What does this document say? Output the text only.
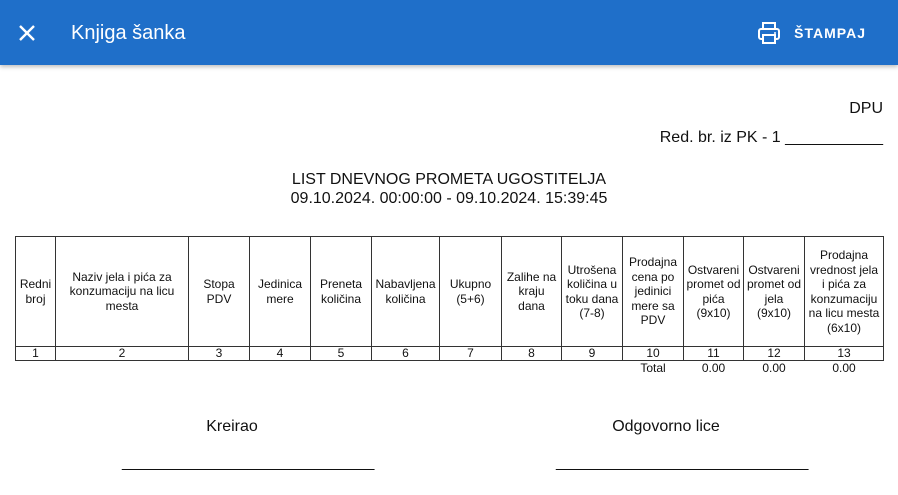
Knjiga šanka	ŠTAMPAJ
DPU
Red. br. iz PK - 1 ___________
LIST DNEVNOG PROMETA UGOSTITELJA
09.10.2024. 00:00:00 - 09.10.2024. 15:39:45
Redni broj	Naziv jela i pića za konzumaciju na licu mesta	Stopa PDV	Jedinica mere	Preneta količina	Nabavljena količina	Ukupno (5+6)	Zalihe na kraju dana	Utrošena količina u toku dana (7-8)	Prodajna cena po jedinici mere sa PDV	Ostvareni promet od pića (9x10)	Ostvareni promet od jela (9x10)	Prodajna vrednost jela i pića za konzumaciju na licu mesta (6x10)
1	2	3	4	5	6	7	8	9	10	11	12	13
									Total	0.00	0.00	0.00
Kreirao
______________________________
Odgovorno lice
______________________________
